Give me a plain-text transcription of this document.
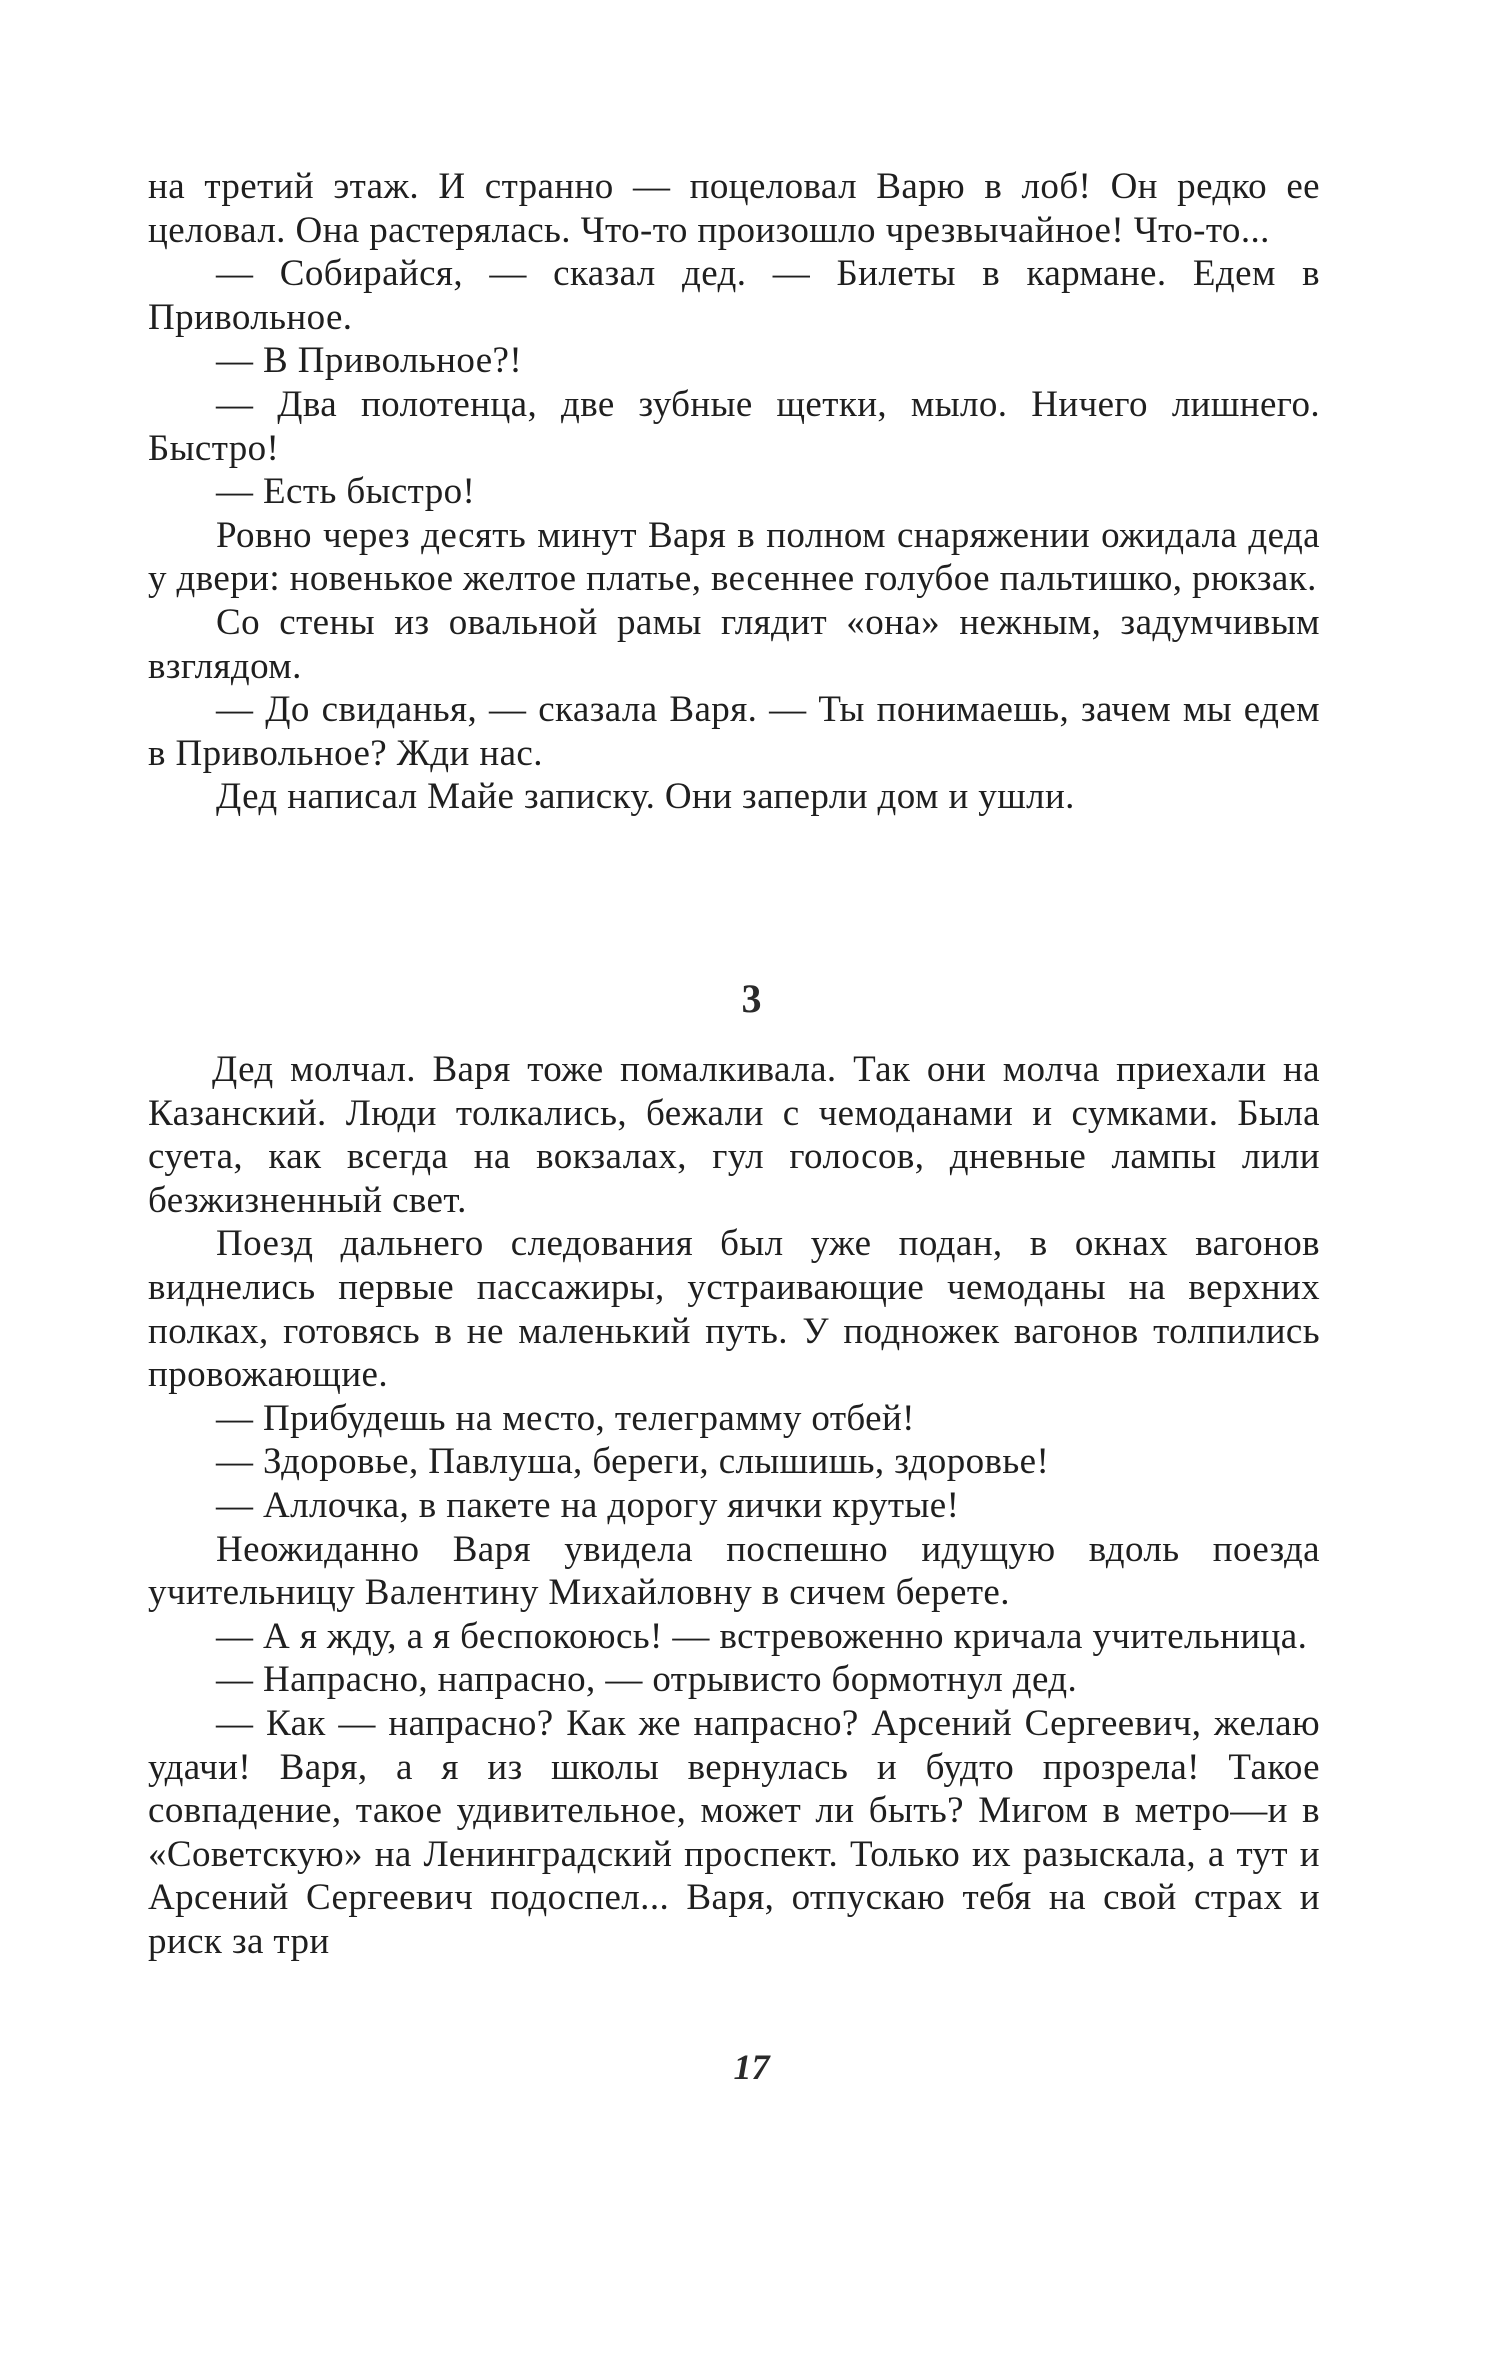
на третий этаж. И странно — поцеловал Варю в лоб! Он редко ее целовал. Она растерялась. Что-то произошло чрезвычайное! Что-то...

— Собирайся, — сказал дед. — Билеты в кармане. Едем в Привольное.

— В Привольное?!

— Два полотенца, две зубные щетки, мыло. Ничего лишнего. Быстро!

— Есть быстро!

Ровно через десять минут Варя в полном снаряжении ожидала деда у двери: новенькое желтое платье, весеннее голубое пальтишко, рюкзак.

Со стены из овальной рамы глядит «она» нежным, задумчивым взглядом.

— До свиданья, — сказала Варя. — Ты понимаешь, зачем мы едем в Привольное? Жди нас.

Дед написал Майе записку. Они заперли дом и ушли.

3

Дед молчал. Варя тоже помалкивала. Так они молча приехали на Казанский. Люди толкались, бежали с чемоданами и сумками. Была суета, как всегда на вокзалах, гул голосов, дневные лампы лили безжизненный свет.

Поезд дальнего следования был уже подан, в окнах вагонов виднелись первые пассажиры, устраивающие чемоданы на верхних полках, готовясь в не маленький путь. У подножек вагонов толпились провожающие.

— Прибудешь на место, телеграмму отбей!

— Здоровье, Павлуша, береги, слышишь, здоровье!

— Аллочка, в пакете на дорогу яички крутые!

Неожиданно Варя увидела поспешно идущую вдоль поезда учительницу Валентину Михайловну в сичем берете.

— А я жду, а я беспокоюсь! — встревоженно кричала учительница.

— Напрасно, напрасно, — отрывисто бормотнул дед.

— Как — напрасно? Как же напрасно? Арсений Сергеевич, желаю удачи! Варя, а я из школы вернулась и будто прозрела! Такое совпадение, такое удивительное, может ли быть? Мигом в метро—и в «Советскую» на Ленинградский проспект. Только их разыскала, а тут и Арсений Сергеевич подоспел... Варя, отпускаю тебя на свой страх и риск за три

17
